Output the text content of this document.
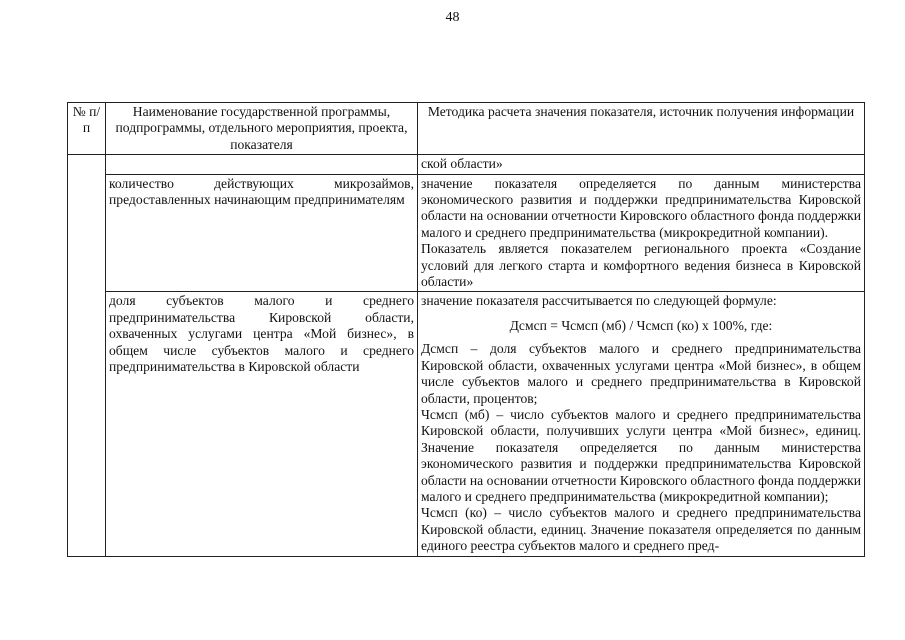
48
№ п/п	Наименование государственной программы, подпрограммы, отдельного мероприятия, проекта, показателя	Методика расчета значения показателя, источник получения информации

		ской области»

	количество действующих микрозаймов, предоставленных начинающим предпринимателям	значение показателя определяется по данным министерства экономического развития и поддержки предпринимательства Кировской области на основании отчетности Кировского областного фонда поддержки малого и среднего предпринимательства (микрокредитной компании).

Показатель является показателем регионального проекта «Создание условий для легкого старта и комфортного ведения бизнеса в Кировской области»

	доля субъектов малого и среднего предпринимательства Кировской области, охваченных услугами центра «Мой бизнес», в общем числе субъектов малого и среднего предпринимательства в Кировской области	значение показателя рассчитывается по следующей формуле:

Дсмсп = Чсмсп (мб) / Чсмсп (ко) x 100%, где:

Дсмсп – доля субъектов малого и среднего предпринимательства Кировской области, охваченных услугами центра «Мой бизнес», в общем числе субъектов малого и среднего предпринимательства в Кировской области, процентов;

Чсмсп (мб) – число субъектов малого и среднего предпринимательства Кировской области, получивших услуги центра «Мой бизнес», единиц. Значение показателя определяется по данным министерства экономического развития и поддержки предпринимательства Кировской области на основании отчетности Кировского областного фонда поддержки малого и среднего предпринимательства (микрокредитной компании);

Чсмсп (ко) – число субъектов малого и среднего предпринимательства Кировской области, единиц. Значение показателя определяется по данным единого реестра субъектов малого и среднего пред-
